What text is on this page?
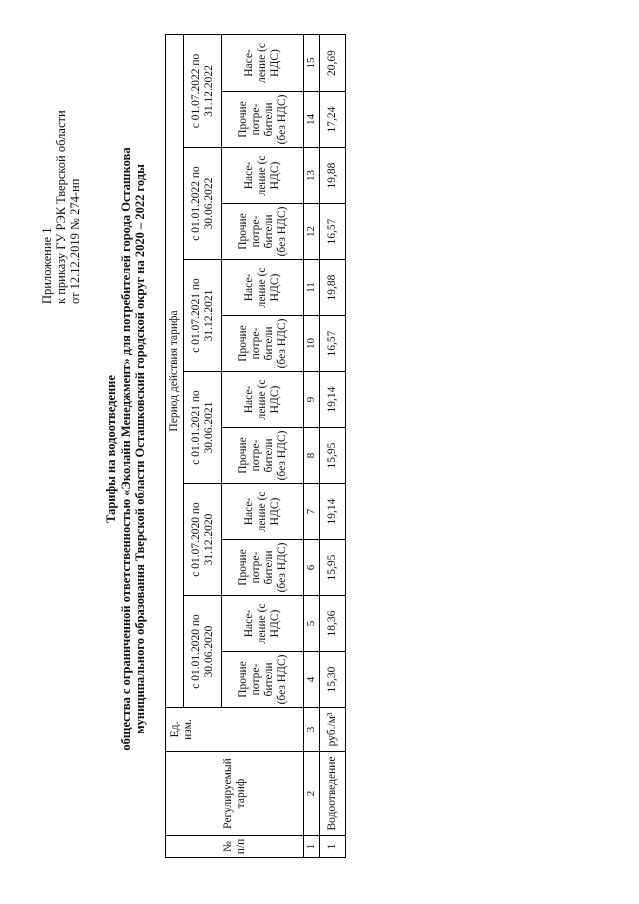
Приложение 1 к приказу ГУ РЭК Тверской области от 12.12.2019 № 274-нп
Тарифы на водоотведение общества с ограниченной ответственностью «Эколайн Менеджмент» для потребителей города Осташкова муниципального образования Тверской области Осташковский городской округ на 2020 – 2022 годы
№ п/п	Регулируемый тариф	Ед. изм.	Период действия тарифа											
			с 01.01.2020 по 30.06.2020		с 01.07.2020 по 31.12.2020		с 01.01.2021 по 30.06.2021		с 01.07.2021 по 31.12.2021		с 01.01.2022 по 30.06.2022		с 01.07.2022 по 31.12.2022	
			Прочие потре-бители (без НДС)	Насе-ление (с НДС)	Прочие потре-бители (без НДС)	Насе-ление (с НДС)	Прочие потре-бители (без НДС)	Насе-ление (с НДС)	Прочие потре-бители (без НДС)	Насе-ление (с НДС)	Прочие потре-бители (без НДС)	Насе-ление (с НДС)	Прочие потре-бители (без НДС)	Насе-ление (с НДС)
1	2	3	4	5	6	7	8	9	10	11	12	13	14	15
1	Водоотведение	руб./м³	15,30	18,36	15,95	19,14	15,95	19,14	16,57	19,88	16,57	19,88	17,24	20,69
